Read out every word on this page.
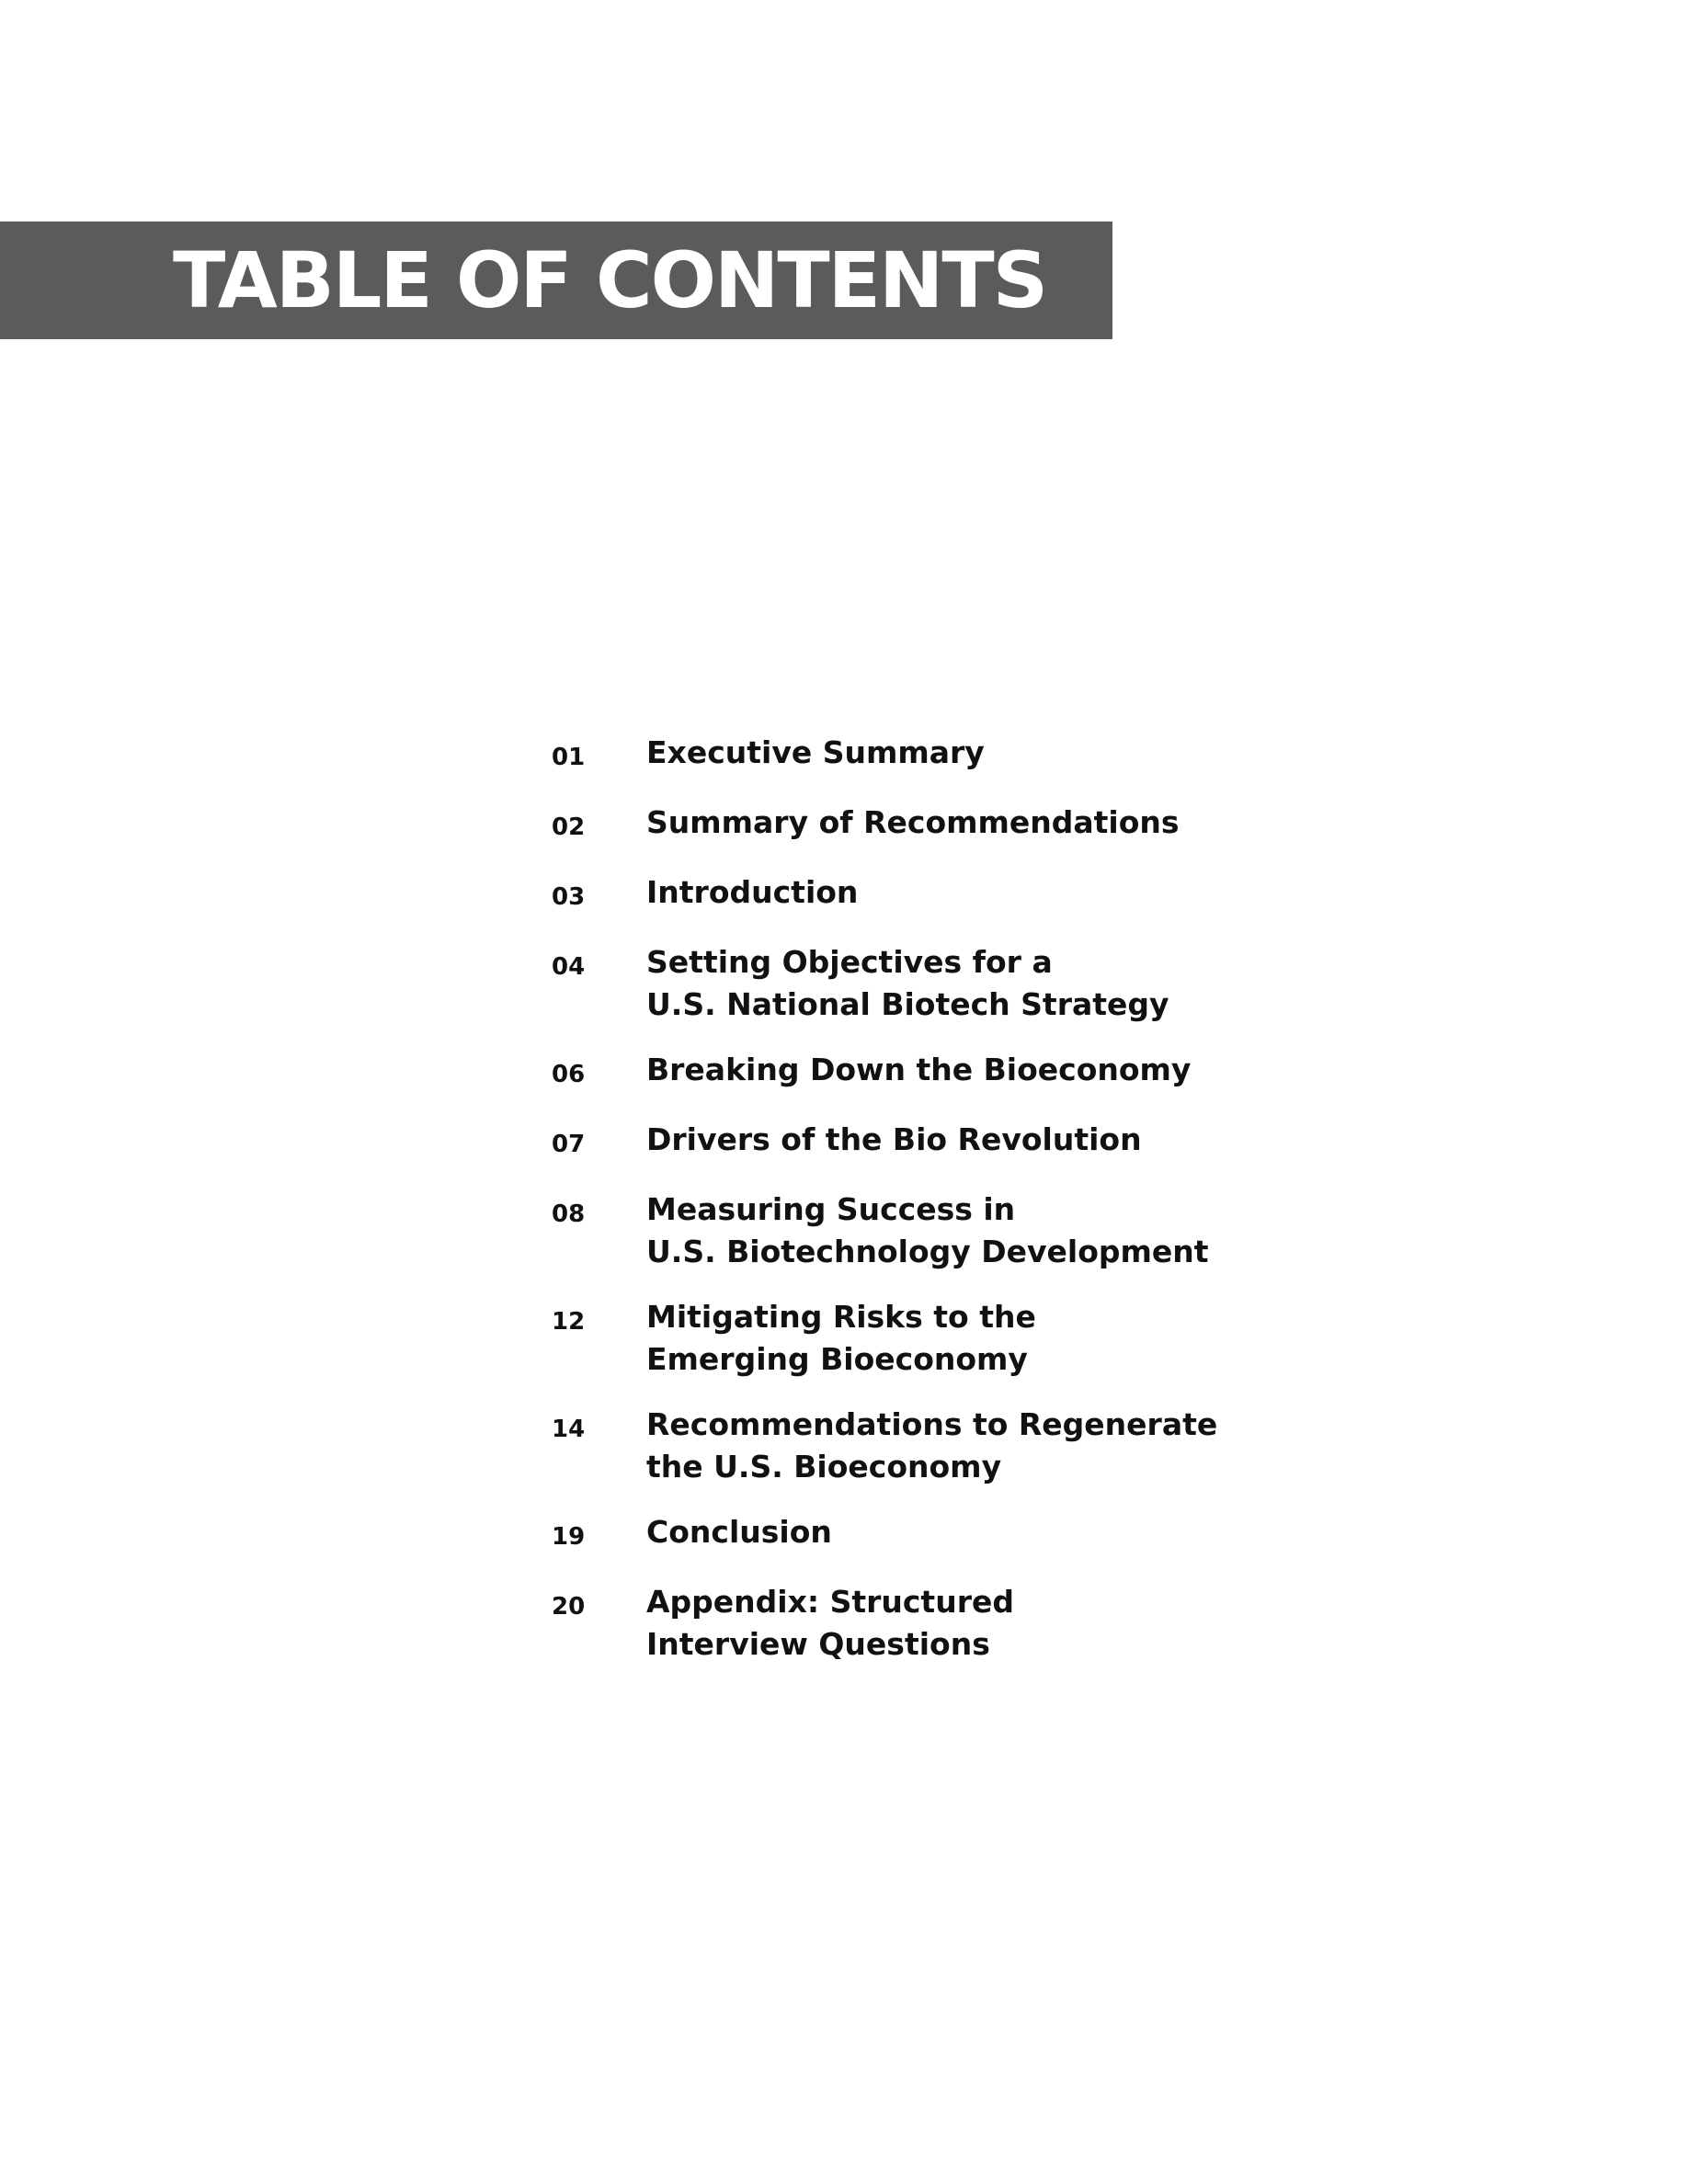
TABLE OF CONTENTS
01	Executive Summary
02	Summary of Recommendations
03	Introduction
04	Setting Objectives for a
U.S. National Biotech Strategy
06	Breaking Down the Bioeconomy
07	Drivers of the Bio Revolution
08	Measuring Success in
U.S. Biotechnology Development
12	Mitigating Risks to the
Emerging Bioeconomy
14	Recommendations to Regenerate
the U.S. Bioeconomy
19	Conclusion
20	Appendix: Structured
Interview Questions
